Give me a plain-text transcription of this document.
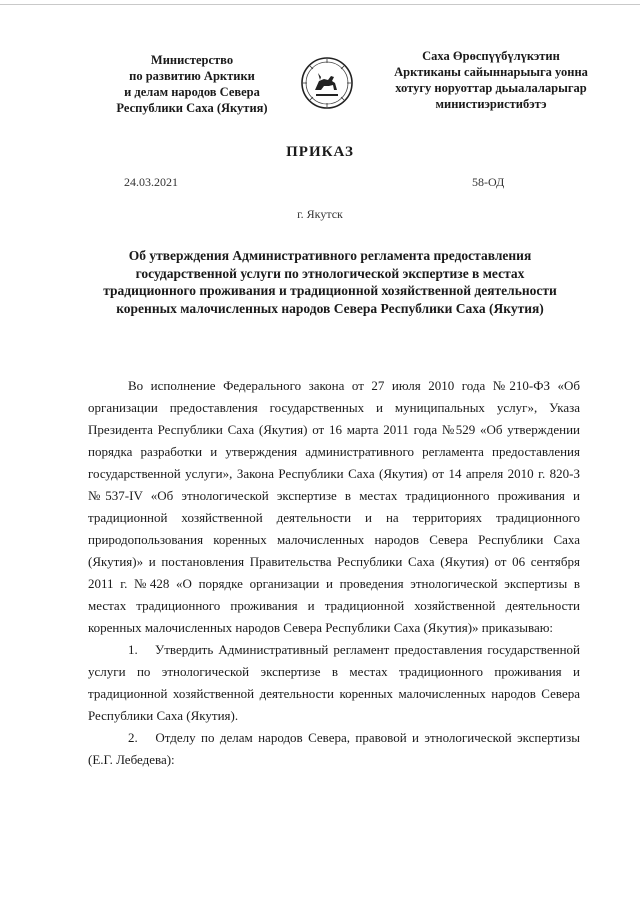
Министерство
по развитию Арктики
и делам народов Севера
Республики Саха (Якутия)
Саха Өрөспүүбүлүкэтин
Арктиканы сайыннарыыга уонна
хотугу норуоттар дьыалаларыгар
министиэристибэтэ
ПРИКАЗ
24.03.2021	58-ОД
г. Якутск
Об утверждения Административного регламента предоставления государственной услуги по этнологической экспертизе в местах традиционного проживания и традиционной хозяйственной деятельности коренных малочисленных народов Севера Республики Саха (Якутия)

Во исполнение Федерального закона от 27 июля 2010 года №210-ФЗ «Об организации предоставления государственных и муниципальных услуг», Указа Президента Республики Саха (Якутия) от 16 марта 2011 года №529 «Об утверждении порядка разработки и утверждения административного регламента предоставления государственной услуги», Закона Республики Саха (Якутия) от 14 апреля 2010 г. 820-З №537-IV «Об этнологической экспертизе в местах традиционного проживания и традиционной хозяйственной деятельности и на территориях традиционного природопользования коренных малочисленных народов Севера Республики Саха (Якутия)» и постановления Правительства Республики Саха (Якутия) от 06 сентября 2011 г. №428 «О порядке организации и проведения этнологической экспертизы в местах традиционного проживания и традиционной хозяйственной деятельности коренных малочисленных народов Севера Республики Саха (Якутия)» приказываю:

1. Утвердить Административный регламент предоставления государственной услуги по этнологической экспертизе в местах традиционного проживания и традиционной хозяйственной деятельности коренных малочисленных народов Севера Республики Саха (Якутия).

2. Отделу по делам народов Севера, правовой и этнологической экспертизы (Е.Г. Лебедева):
